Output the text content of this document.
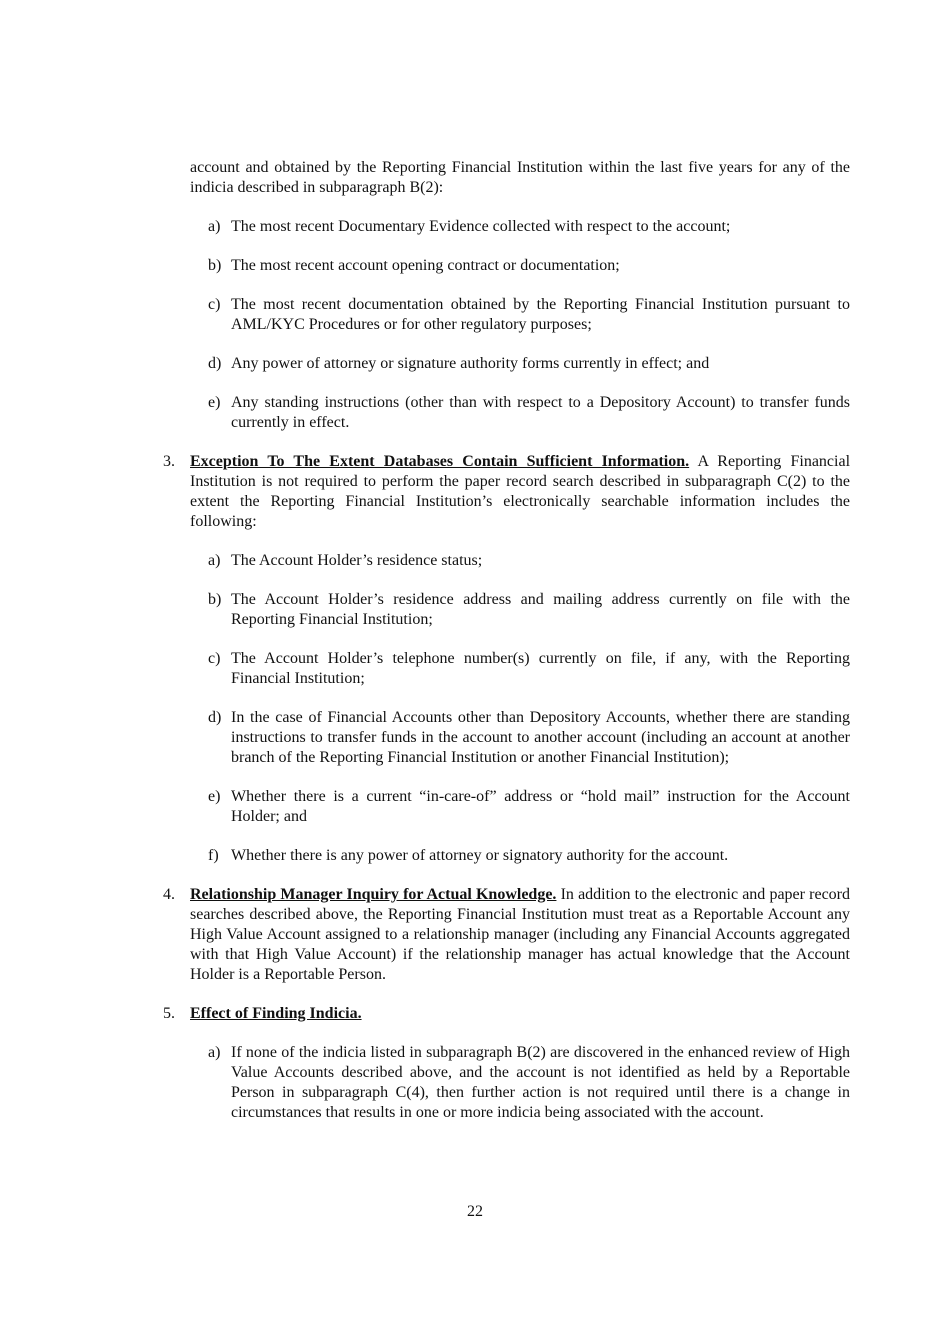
account and obtained by the Reporting Financial Institution within the last five years for any of the indicia described in subparagraph B(2):

a) The most recent Documentary Evidence collected with respect to the account;
b) The most recent account opening contract or documentation;
c) The most recent documentation obtained by the Reporting Financial Institution pursuant to AML/KYC Procedures or for other regulatory purposes;
d) Any power of attorney or signature authority forms currently in effect; and
e) Any standing instructions (other than with respect to a Depository Account) to transfer funds currently in effect.
3. Exception To The Extent Databases Contain Sufficient Information. A Reporting Financial Institution is not required to perform the paper record search described in subparagraph C(2) to the extent the Reporting Financial Institution’s electronically searchable information includes the following:
a) The Account Holder’s residence status;
b) The Account Holder’s residence address and mailing address currently on file with the Reporting Financial Institution;
c) The Account Holder’s telephone number(s) currently on file, if any, with the Reporting Financial Institution;
d) In the case of Financial Accounts other than Depository Accounts, whether there are standing instructions to transfer funds in the account to another account (including an account at another branch of the Reporting Financial Institution or another Financial Institution);
e) Whether there is a current “in-care-of” address or “hold mail” instruction for the Account Holder; and
f) Whether there is any power of attorney or signatory authority for the account.
4. Relationship Manager Inquiry for Actual Knowledge. In addition to the electronic and paper record searches described above, the Reporting Financial Institution must treat as a Reportable Account any High Value Account assigned to a relationship manager (including any Financial Accounts aggregated with that High Value Account) if the relationship manager has actual knowledge that the Account Holder is a Reportable Person.
5. Effect of Finding Indicia.
a) If none of the indicia listed in subparagraph B(2) are discovered in the enhanced review of High Value Accounts described above, and the account is not identified as held by a Reportable Person in subparagraph C(4), then further action is not required until there is a change in circumstances that results in one or more indicia being associated with the account.
22
